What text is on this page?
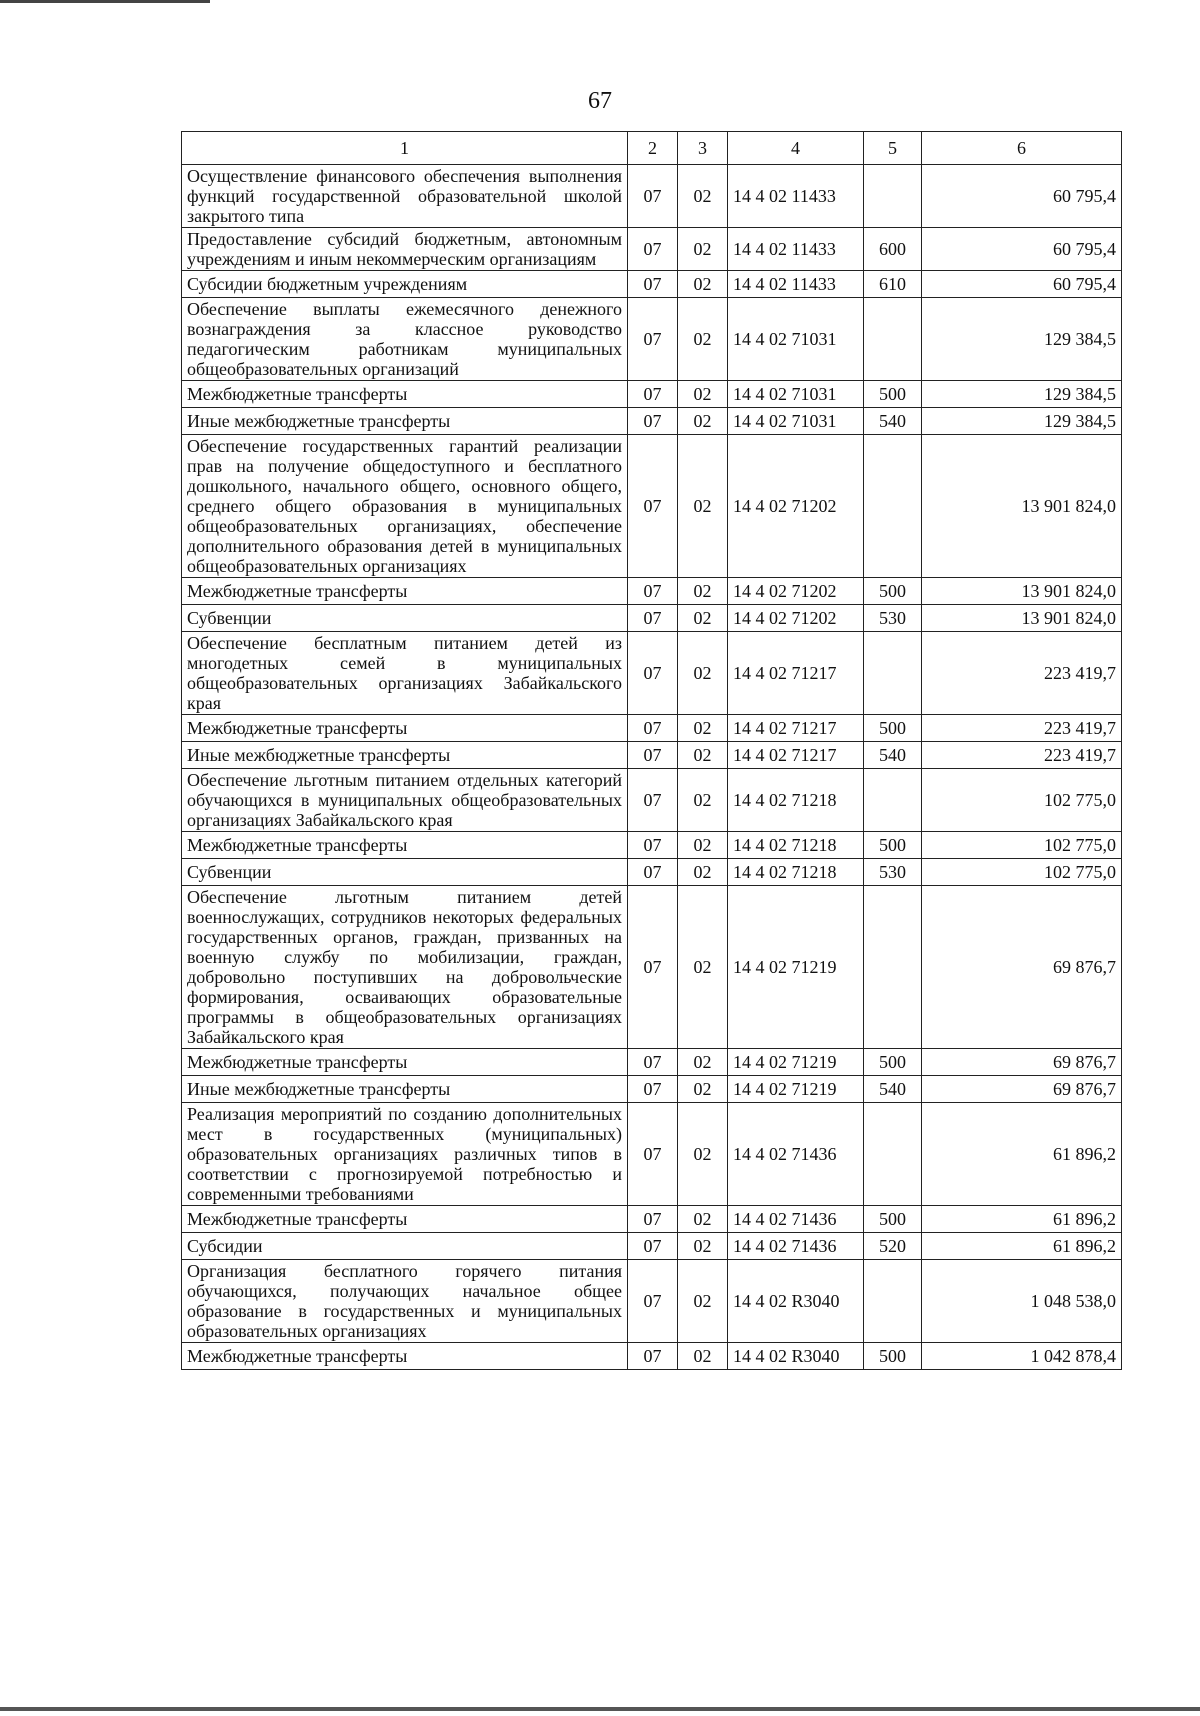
67
1	2	3	4	5	6
Осуществление финансового обеспечения выполнения функций государственной образовательной школой закрытого типа	07	02	14 4 02 11433		60 795,4
Предоставление субсидий бюджетным, автономным учреждениям и иным некоммерческим организациям	07	02	14 4 02 11433	600	60 795,4
Субсидии бюджетным учреждениям	07	02	14 4 02 11433	610	60 795,4
Обеспечение выплаты ежемесячного денежного вознаграждения за классное руководство педагогическим работникам муниципальных общеобразовательных организаций	07	02	14 4 02 71031		129 384,5
Межбюджетные трансферты	07	02	14 4 02 71031	500	129 384,5
Иные межбюджетные трансферты	07	02	14 4 02 71031	540	129 384,5
Обеспечение государственных гарантий реализации прав на получение общедоступного и бесплатного дошкольного, начального общего, основного общего, среднего общего образования в муниципальных общеобразовательных организациях, обеспечение дополнительного образования детей в муниципальных общеобразовательных организациях	07	02	14 4 02 71202		13 901 824,0
Межбюджетные трансферты	07	02	14 4 02 71202	500	13 901 824,0
Субвенции	07	02	14 4 02 71202	530	13 901 824,0
Обеспечение бесплатным питанием детей из многодетных семей в муниципальных общеобразовательных организациях Забайкальского края	07	02	14 4 02 71217		223 419,7
Межбюджетные трансферты	07	02	14 4 02 71217	500	223 419,7
Иные межбюджетные трансферты	07	02	14 4 02 71217	540	223 419,7
Обеспечение льготным питанием отдельных категорий обучающихся в муниципальных общеобразовательных организациях Забайкальского края	07	02	14 4 02 71218		102 775,0
Межбюджетные трансферты	07	02	14 4 02 71218	500	102 775,0
Субвенции	07	02	14 4 02 71218	530	102 775,0
Обеспечение льготным питанием детей военнослужащих, сотрудников некоторых федеральных государственных органов, граждан, призванных на военную службу по мобилизации, граждан, добровольно поступивших на добровольческие формирования, осваивающих образовательные программы в общеобразовательных организациях Забайкальского края	07	02	14 4 02 71219		69 876,7
Межбюджетные трансферты	07	02	14 4 02 71219	500	69 876,7
Иные межбюджетные трансферты	07	02	14 4 02 71219	540	69 876,7
Реализация мероприятий по созданию дополнительных мест в государственных (муниципальных) образовательных организациях различных типов в соответствии с прогнозируемой потребностью и современными требованиями	07	02	14 4 02 71436		61 896,2
Межбюджетные трансферты	07	02	14 4 02 71436	500	61 896,2
Субсидии	07	02	14 4 02 71436	520	61 896,2
Организация бесплатного горячего питания обучающихся, получающих начальное общее образование в государственных и муниципальных образовательных организациях	07	02	14 4 02 R3040		1 048 538,0
Межбюджетные трансферты	07	02	14 4 02 R3040	500	1 042 878,4
